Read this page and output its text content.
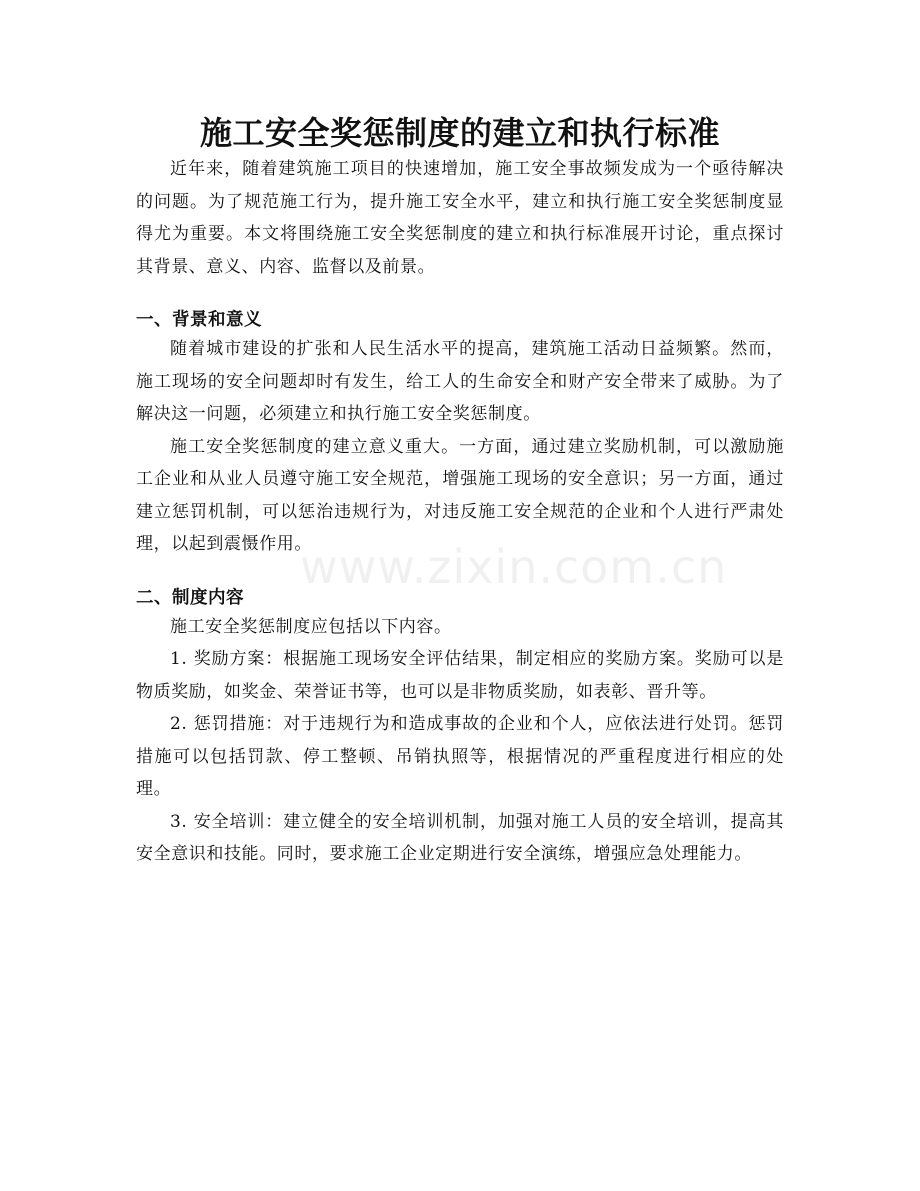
www.zixin.com.cn
施工安全奖惩制度的建立和执行标准

近年来，随着建筑施工项目的快速增加，施工安全事故频发成为一个亟待解决的问题。为了规范施工行为，提升施工安全水平，建立和执行施工安全奖惩制度显得尤为重要。本文将围绕施工安全奖惩制度的建立和执行标准展开讨论，重点探讨其背景、意义、内容、监督以及前景。

一、背景和意义

随着城市建设的扩张和人民生活水平的提高，建筑施工活动日益频繁。然而，施工现场的安全问题却时有发生，给工人的生命安全和财产安全带来了威胁。为了解决这一问题，必须建立和执行施工安全奖惩制度。

施工安全奖惩制度的建立意义重大。一方面，通过建立奖励机制，可以激励施工企业和从业人员遵守施工安全规范，增强施工现场的安全意识；另一方面，通过建立惩罚机制，可以惩治违规行为，对违反施工安全规范的企业和个人进行严肃处理，以起到震慑作用。

二、制度内容

施工安全奖惩制度应包括以下内容。

1. 奖励方案：根据施工现场安全评估结果，制定相应的奖励方案。奖励可以是物质奖励，如奖金、荣誉证书等，也可以是非物质奖励，如表彰、晋升等。

2. 惩罚措施：对于违规行为和造成事故的企业和个人，应依法进行处罚。惩罚措施可以包括罚款、停工整顿、吊销执照等，根据情况的严重程度进行相应的处理。

3. 安全培训：建立健全的安全培训机制，加强对施工人员的安全培训，提高其安全意识和技能。同时，要求施工企业定期进行安全演练，增强应急处理能力。
